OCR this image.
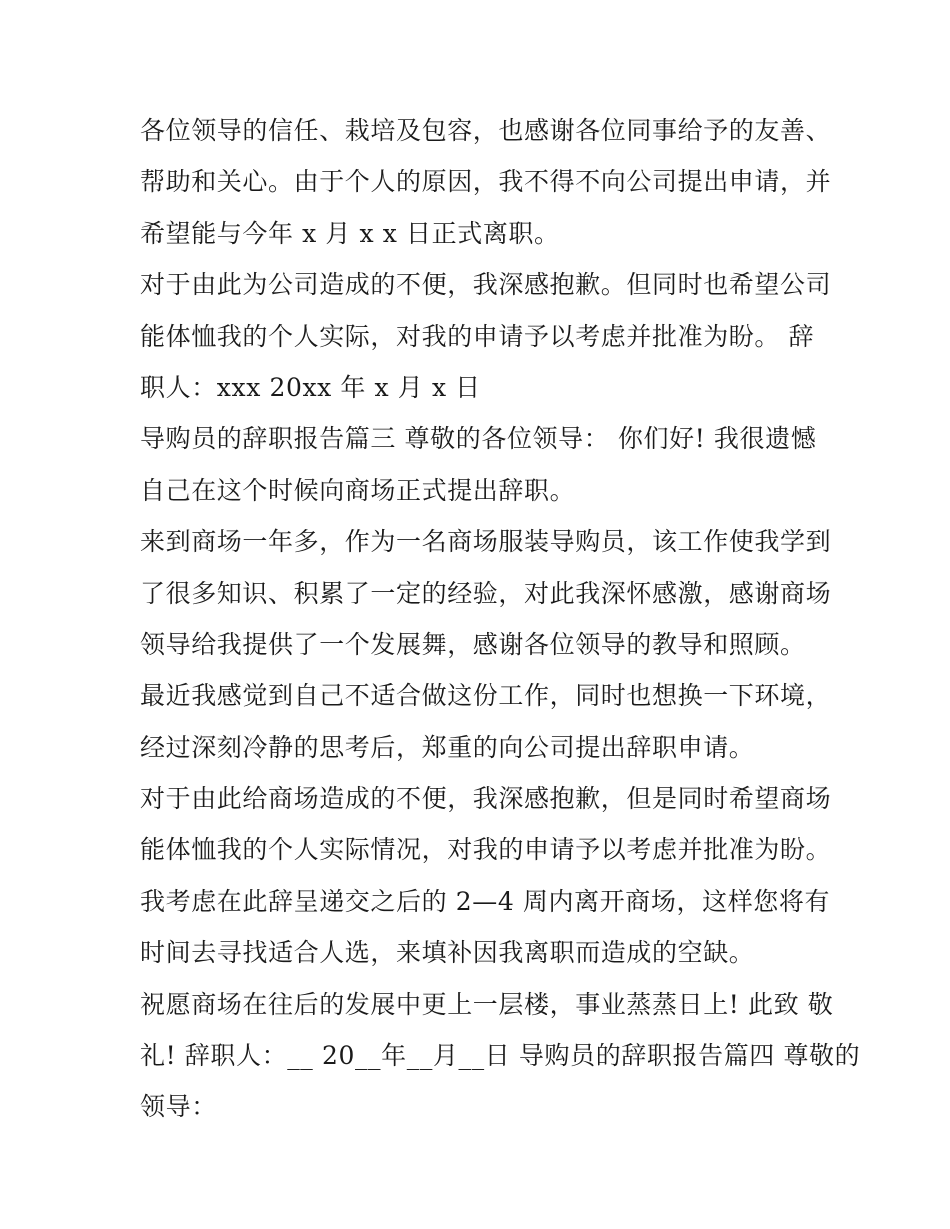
各位领导的信任、栽培及包容，也感谢各位同事给予的友善、
帮助和关心。由于个人的原因，我不得不向公司提出申请，并
希望能与今年 x 月 x x 日正式离职。
对于由此为公司造成的不便，我深感抱歉。但同时也希望公司
能体恤我的个人实际，对我的申请予以考虑并批准为盼。 辞
职人：xxx 20xx 年 x 月 x 日
导购员的辞职报告篇三 尊敬的各位领导： 你们好! 我很遗憾
自己在这个时候向商场正式提出辞职。
来到商场一年多，作为一名商场服装导购员，该工作使我学到
了很多知识、积累了一定的经验，对此我深怀感激，感谢商场
领导给我提供了一个发展舞，感谢各位领导的教导和照顾。
最近我感觉到自己不适合做这份工作，同时也想换一下环境，
经过深刻冷静的思考后，郑重的向公司提出辞职申请。
对于由此给商场造成的不便，我深感抱歉，但是同时希望商场
能体恤我的个人实际情况，对我的申请予以考虑并批准为盼。
我考虑在此辞呈递交之后的 2—4 周内离开商场，这样您将有
时间去寻找适合人选，来填补因我离职而造成的空缺。
祝愿商场在往后的发展中更上一层楼，事业蒸蒸日上! 此致 敬
礼! 辞职人：__ 20__年__月__日 导购员的辞职报告篇四 尊敬的
领导：
